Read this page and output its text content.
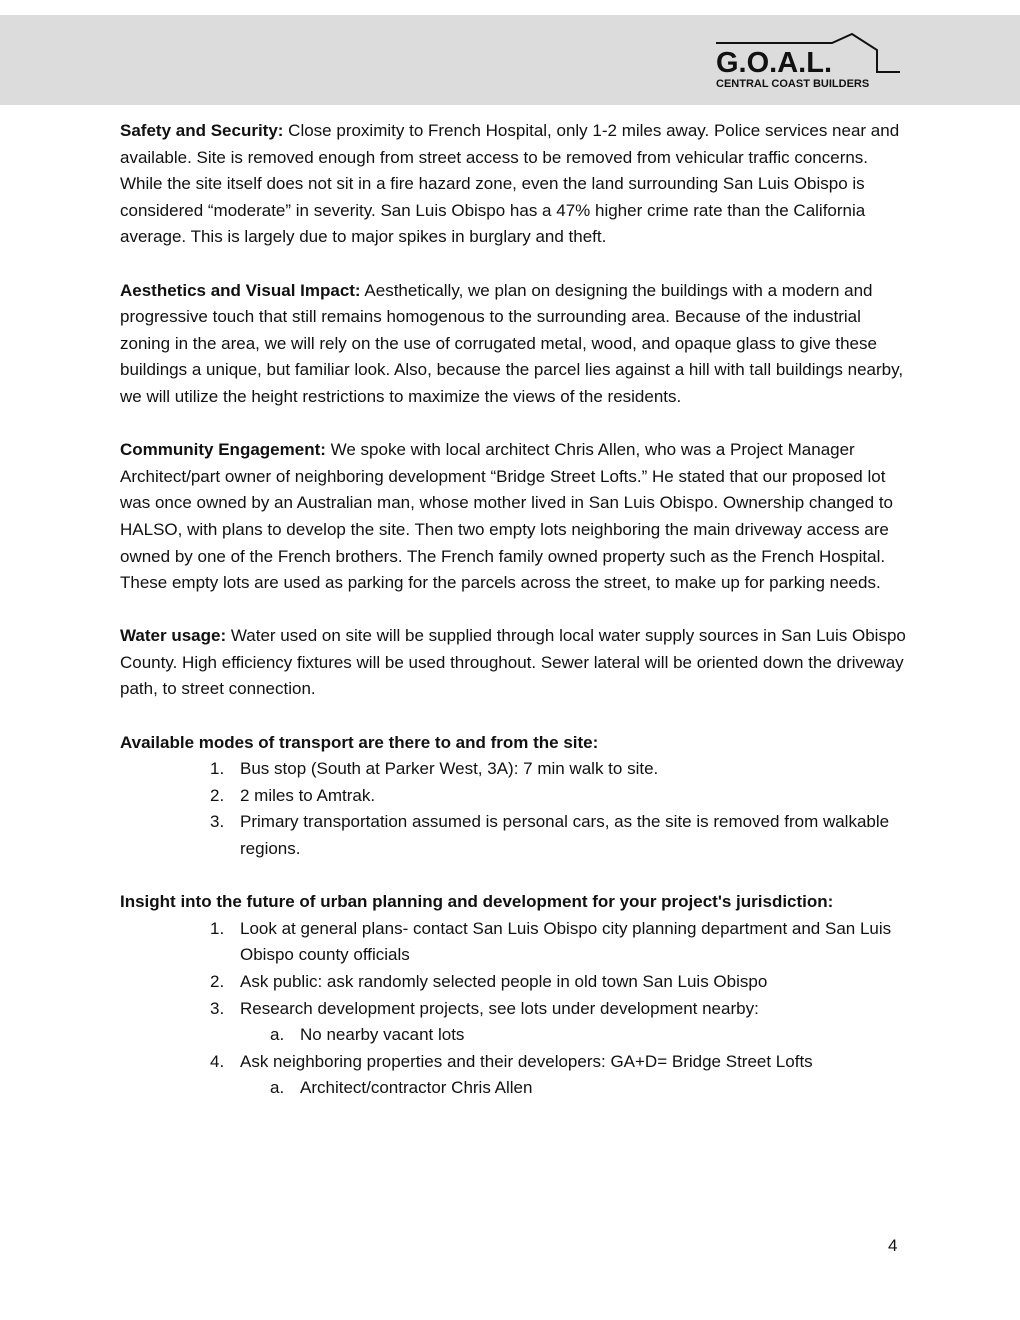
G.O.A.L.
CENTRAL COAST BUILDERS

Safety and Security: Close proximity to French Hospital, only 1-2 miles away. Police services near and available. Site is removed enough from street access to be removed from vehicular traffic concerns. While the site itself does not sit in a fire hazard zone, even the land surrounding San Luis Obispo is considered “moderate” in severity. San Luis Obispo has a 47% higher crime rate than the California average. This is largely due to major spikes in burglary and theft.

Aesthetics and Visual Impact: Aesthetically, we plan on designing the buildings with a modern and progressive touch that still remains homogenous to the surrounding area. Because of the industrial zoning in the area, we will rely on the use of corrugated metal, wood, and opaque glass to give these buildings a unique, but familiar look. Also, because the parcel lies against a hill with tall buildings nearby, we will utilize the height restrictions to maximize the views of the residents.

Community Engagement: We spoke with local architect Chris Allen, who was a Project Manager Architect/part owner of neighboring development “Bridge Street Lofts.” He stated that our proposed lot was once owned by an Australian man, whose mother lived in San Luis Obispo. Ownership changed to HALSO, with plans to develop the site. Then two empty lots neighboring the main driveway access are owned by one of the French brothers. The French family owned property such as the French Hospital. These empty lots are used as parking for the parcels across the street, to make up for parking needs.

Water usage: Water used on site will be supplied through local water supply sources in San Luis Obispo County. High efficiency fixtures will be used throughout. Sewer lateral will be oriented down the driveway path, to street connection.

Available modes of transport are there to and from the site:
1. Bus stop (South at Parker West, 3A): 7 min walk to site.
2. 2 miles to Amtrak.
3. Primary transportation assumed is personal cars, as the site is removed from walkable regions.
Insight into the future of urban planning and development for your project's jurisdiction:
1. Look at general plans- contact San Luis Obispo city planning department and San Luis Obispo county officials
2. Ask public: ask randomly selected people in old town San Luis Obispo
3. Research development projects, see lots under development nearby:
a. No nearby vacant lots
4. Ask neighboring properties and their developers: GA+D= Bridge Street Lofts
a. Architect/contractor Chris Allen
4
